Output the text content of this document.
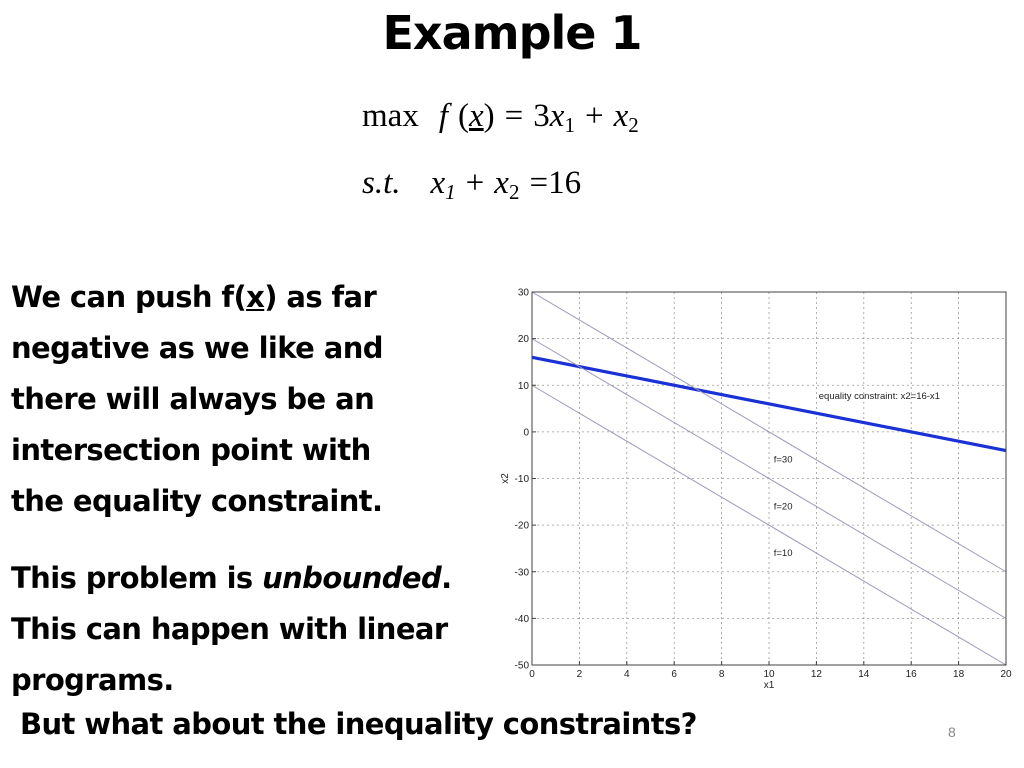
Example 1
max f $(x) = 3x_1 + x_2$
s.t. $x_1 + x_2 =16$
We can push f(x) as far
negative as we like and
there will always be an
intersection point with
the equality constraint.
This problem is unbounded.
This can happen with linear
programs.
But what about the inequality constraints?	8
0	2	4	6	8	10	12	14	16	18	20
30
20
10
0
-10
-20
-30
-40
-50
x1
x2
equality constraint: x2=16-x1
f=30
f=20
f=10
